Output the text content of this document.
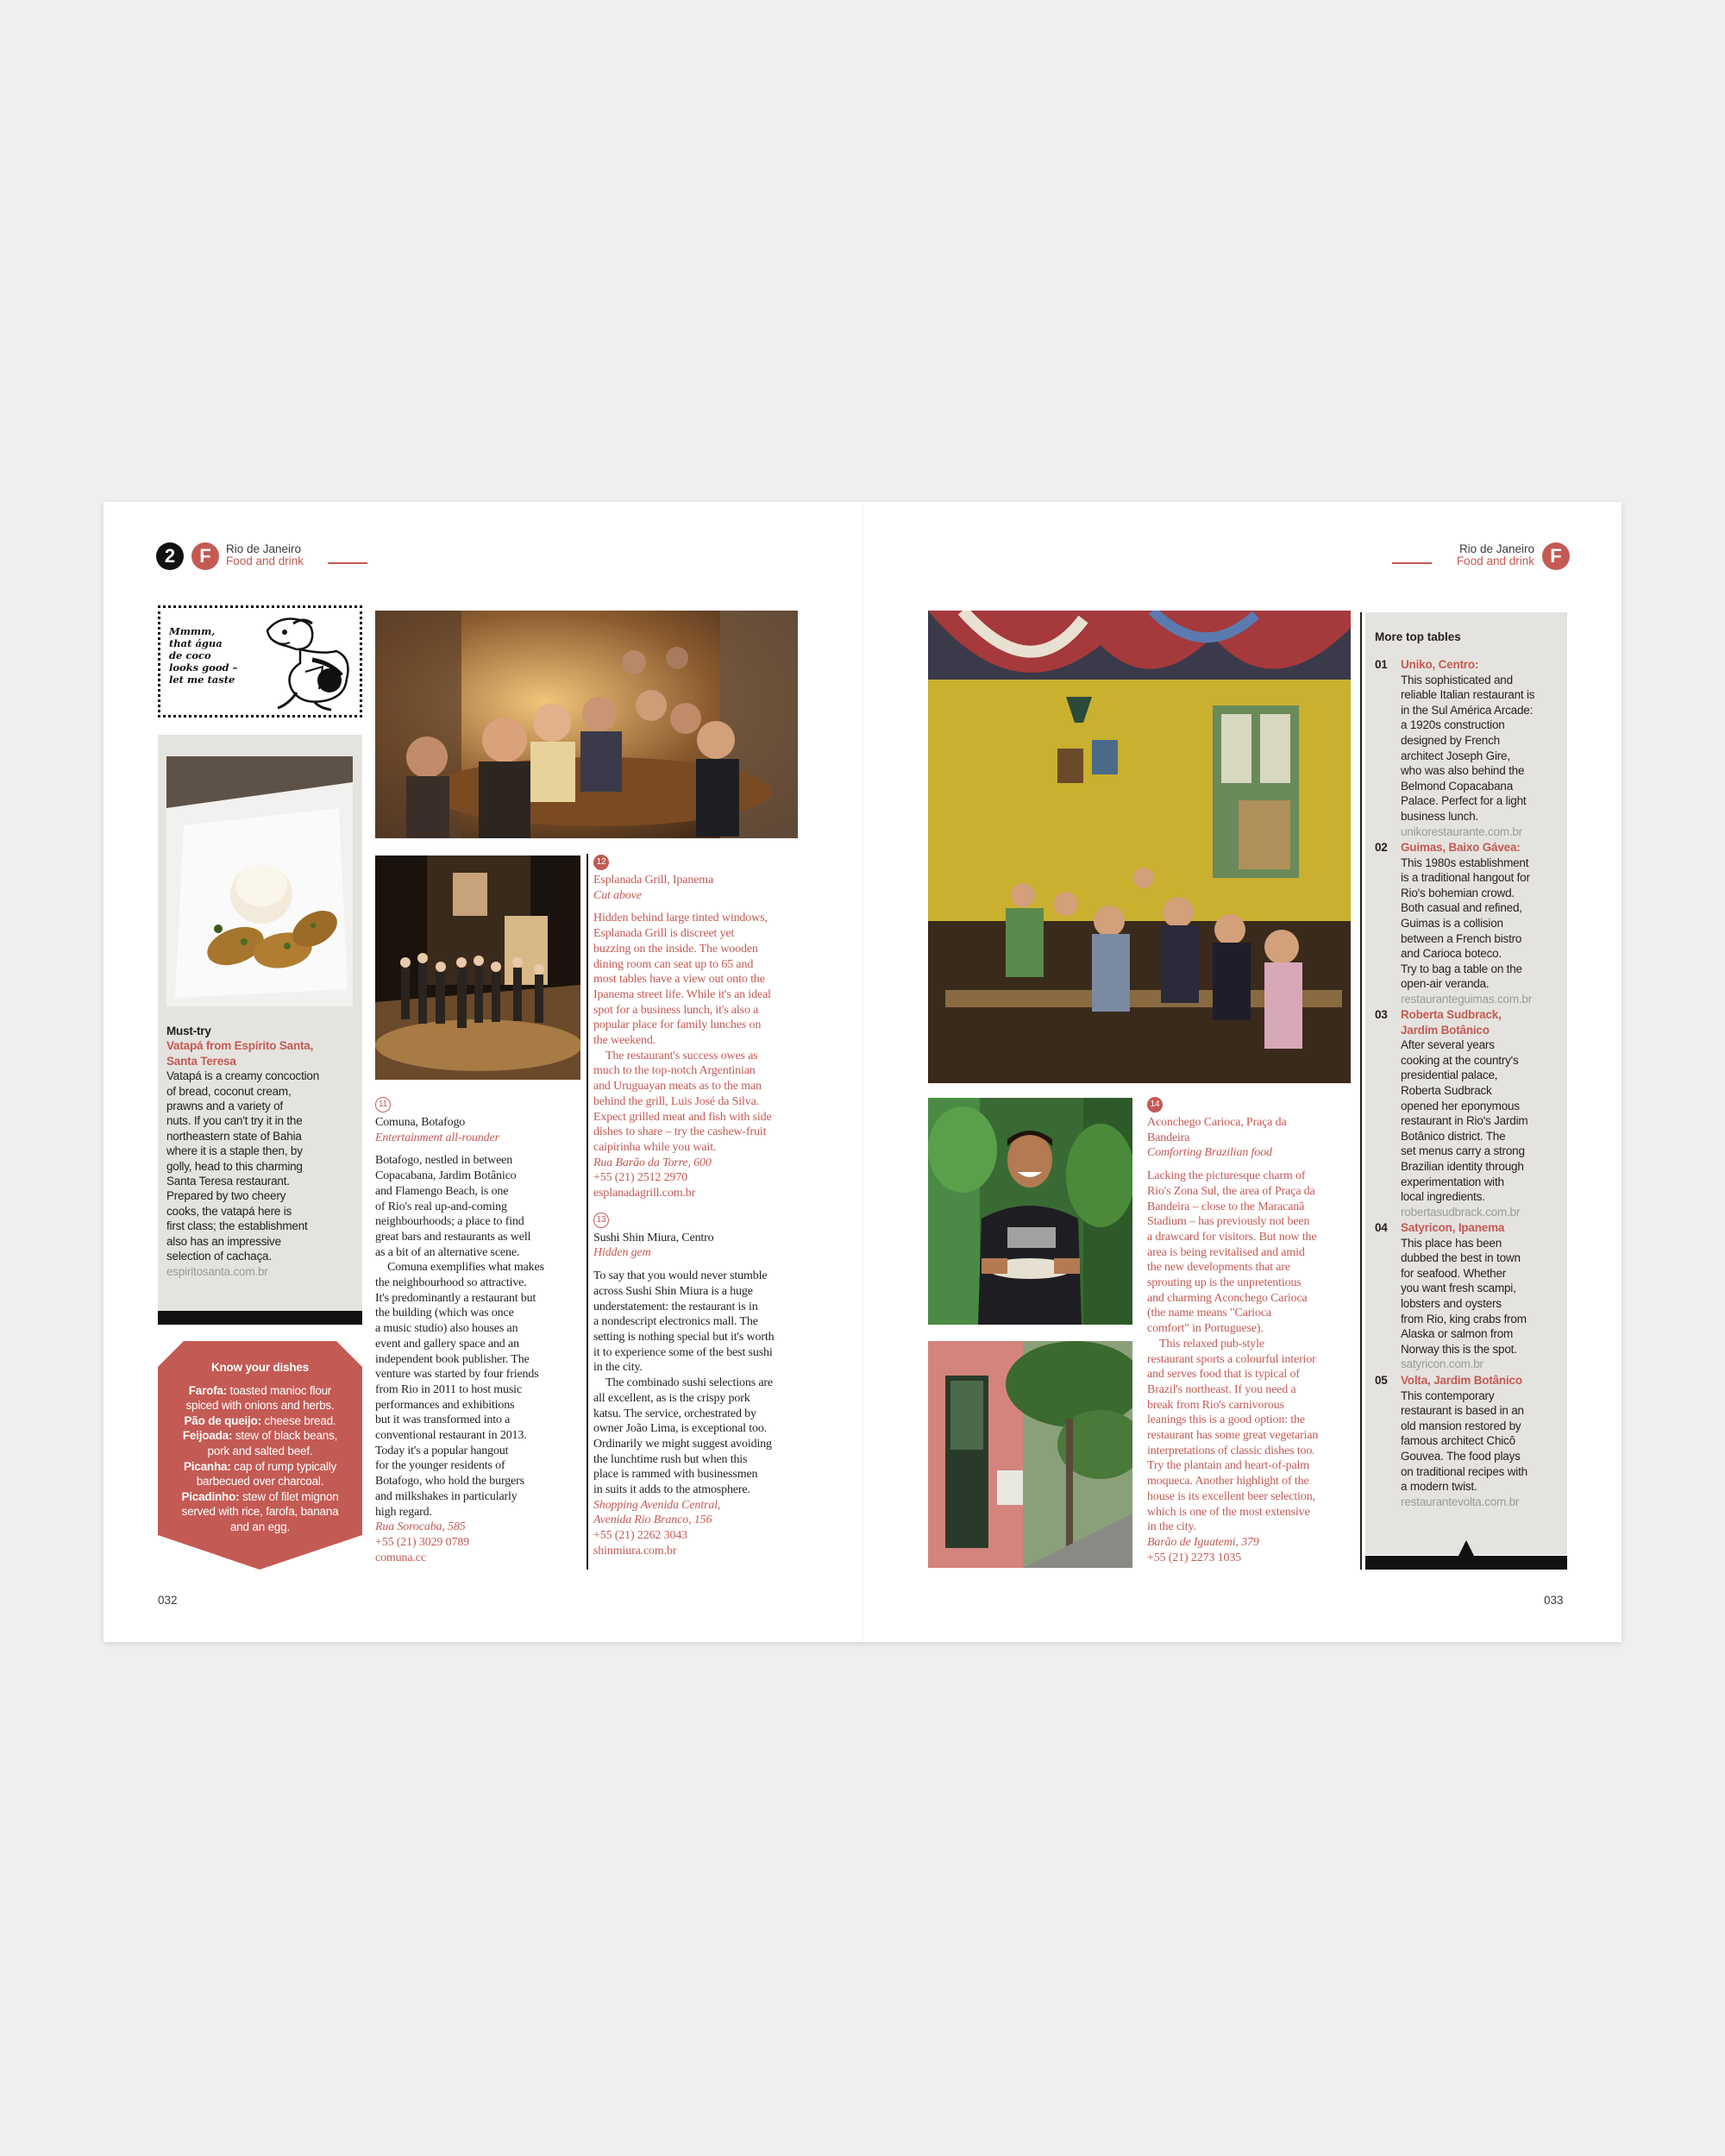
2	F	Rio de Janeiro
Food and drink
Rio de Janeiro
Food and drink F
Mmmm,
that água
de coco
looks good –
let me taste
Must-try
Vatapá from Espírito Santa,
Santa Teresa
Vatapá is a creamy concoction
of bread, coconut cream,
prawns and a variety of
nuts. If you can't try it in the
northeastern state of Bahia
where it is a staple then, by
golly, head to this charming
Santa Teresa restaurant.
Prepared by two cheery
cooks, the vatapá here is
first class; the establishment
also has an impressive
selection of cachaça.
espiritosanta.com.br
Know your dishes
Farofa: toasted manioc flour
spiced with onions and herbs.
Pão de queijo: cheese bread.
Feijoada: stew of black beans,
pork and salted beef.
Picanha: cap of rump typically
barbecued over charcoal.
Picadinho: stew of filet mignon
served with rice, farofa, banana
and an egg.
11
Comuna, Botafogo
Entertainment all-rounder

Botafogo, nestled in between
Copacabana, Jardim Botânico
and Flamengo Beach, is one
of Rio's real up-and-coming
neighbourhoods; a place to find
great bars and restaurants as well
as a bit of an alternative scene.

Comuna exemplifies what makes
the neighbourhood so attractive.
It's predominantly a restaurant but
the building (which was once
a music studio) also houses an
event and gallery space and an
independent book publisher. The
venture was started by four friends
from Rio in 2011 to host music
performances and exhibitions
but it was transformed into a
conventional restaurant in 2013.
Today it's a popular hangout
for the younger residents of
Botafogo, who hold the burgers
and milkshakes in particularly
high regard.

Rua Sorocaba, 585
+55 (21) 3029 0789
comuna.cc
12
Esplanada Grill, Ipanema
Cut above

Hidden behind large tinted windows,
Esplanada Grill is discreet yet
buzzing on the inside. The wooden
dining room can seat up to 65 and
most tables have a view out onto the
Ipanema street life. While it's an ideal
spot for a business lunch, it's also a
popular place for family lunches on
the weekend.

The restaurant's success owes as
much to the top-notch Argentinian
and Uruguayan meats as to the man
behind the grill, Luis José da Silva.
Expect grilled meat and fish with side
dishes to share – try the cashew-fruit
caipirinha while you wait.

Rua Barão da Torre, 600
+55 (21) 2512 2970
esplanadagrill.com.br
13
Sushi Shin Miura, Centro
Hidden gem

To say that you would never stumble
across Sushi Shin Miura is a huge
understatement: the restaurant is in
a nondescript electronics mall. The
setting is nothing special but it's worth
it to experience some of the best sushi
in the city.

The combinado sushi selections are
all excellent, as is the crispy pork
katsu. The service, orchestrated by
owner João Lima, is exceptional too.
Ordinarily we might suggest avoiding
the lunchtime rush but when this
place is rammed with businessmen
in suits it adds to the atmosphere.

Shopping Avenida Central,
Avenida Rio Branco, 156
+55 (21) 2262 3043
shinmiura.com.br
14
Aconchego Carioca, Praça da
Bandeira
Comforting Brazilian food

Lacking the picturesque charm of
Rio's Zona Sul, the area of Praça da
Bandeira – close to the Maracanã
Stadium – has previously not been
a drawcard for visitors. But now the
area is being revitalised and amid
the new developments that are
sprouting up is the unpretentious
and charming Aconchego Carioca
(the name means "Carioca
comfort" in Portuguese).

This relaxed pub-style
restaurant sports a colourful interior
and serves food that is typical of
Brazil's northeast. If you need a
break from Rio's carnivorous
leanings this is a good option: the
restaurant has some great vegetarian
interpretations of classic dishes too.
Try the plantain and heart-of-palm
moqueca. Another highlight of the
house is its excellent beer selection,
which is one of the most extensive
in the city.

Barão de Iguatemi, 379
+55 (21) 2273 1035
More top tables
01 Uniko, Centro:
This sophisticated and
reliable Italian restaurant is
in the Sul América Arcade:
a 1920s construction
designed by French
architect Joseph Gire,
who was also behind the
Belmond Copacabana
Palace. Perfect for a light
business lunch.
unikorestaurante.com.br
02 Guimas, Baixo Gávea:
This 1980s establishment
is a traditional hangout for
Rio's bohemian crowd.
Both casual and refined,
Guimas is a collision
between a French bistro
and Carioca boteco.
Try to bag a table on the
open-air veranda.
restauranteguimas.com.br
03 Roberta Sudbrack,
Jardim Botânico
After several years
cooking at the country's
presidential palace,
Roberta Sudbrack
opened her eponymous
restaurant in Rio's Jardim
Botânico district. The
set menus carry a strong
Brazilian identity through
experimentation with
local ingredients.
robertasudbrack.com.br
04 Satyricon, Ipanema
This place has been
dubbed the best in town
for seafood. Whether
you want fresh scampi,
lobsters and oysters
from Rio, king crabs from
Alaska or salmon from
Norway this is the spot.
satyricon.com.br
05 Volta, Jardim Botânico
This contemporary
restaurant is based in an
old mansion restored by
famous architect Chicô
Gouvea. The food plays
on traditional recipes with
a modern twist.
restaurantevolta.com.br
032	033
